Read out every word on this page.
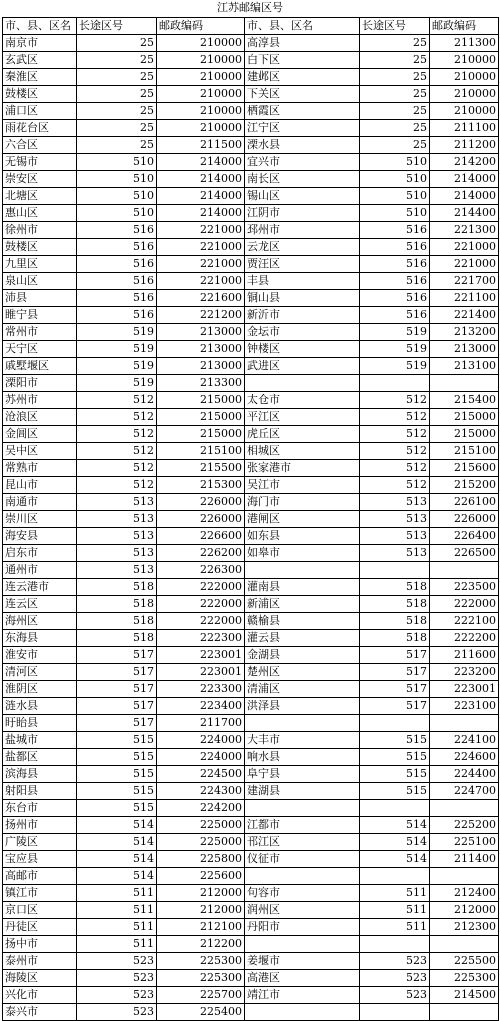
江苏邮编区号
市、县、区名	长途区号	邮政编码	市、县、区名	长途区号	邮政编码
南京市	25	210000	高淳县	25	211300
玄武区	25	210000	白下区	25	210000
秦淮区	25	210000	建邺区	25	210000
鼓楼区	25	210000	下关区	25	210000
浦口区	25	210000	栖霞区	25	210000
雨花台区	25	210000	江宁区	25	211100
六合区	25	211500	溧水县	25	211200
无锡市	510	214000	宜兴市	510	214200
崇安区	510	214000	南长区	510	214000
北塘区	510	214000	锡山区	510	214000
惠山区	510	214000	江阴市	510	214400
徐州市	516	221000	邳州市	516	221300
鼓楼区	516	221000	云龙区	516	221000
九里区	516	221000	贾汪区	516	221000
泉山区	516	221000	丰县	516	221700
沛县	516	221600	铜山县	516	221100
睢宁县	516	221200	新沂市	516	221400
常州市	519	213000	金坛市	519	213200
天宁区	519	213000	钟楼区	519	213000
戚墅堰区	519	213000	武进区	519	213100
溧阳市	519	213300			
苏州市	512	215000	太仓市	512	215400
沧浪区	512	215000	平江区	512	215000
金阊区	512	215000	虎丘区	512	215000
吴中区	512	215100	相城区	512	215100
常熟市	512	215500	张家港市	512	215600
昆山市	512	215300	吴江市	512	215200
南通市	513	226000	海门市	513	226100
崇川区	513	226000	港闸区	513	226000
海安县	513	226600	如东县	513	226400
启东市	513	226200	如皋市	513	226500
通州市	513	226300			
连云港市	518	222000	灌南县	518	223500
连云区	518	222000	新浦区	518	222000
海州区	518	222000	赣榆县	518	222100
东海县	518	222300	灌云县	518	222200
淮安市	517	223001	金湖县	517	211600
清河区	517	223001	楚州区	517	223200
淮阴区	517	223300	清浦区	517	223001
涟水县	517	223400	洪泽县	517	223100
盱眙县	517	211700			
盐城市	515	224000	大丰市	515	224100
盐都区	515	224000	响水县	515	224600
滨海县	515	224500	阜宁县	515	224400
射阳县	515	224300	建湖县	515	224700
东台市	515	224200			
扬州市	514	225000	江都市	514	225200
广陵区	514	225000	邗江区	514	225100
宝应县	514	225800	仪征市	514	211400
高邮市	514	225600			
镇江市	511	212000	句容市	511	212400
京口区	511	212000	润州区	511	212000
丹徒区	511	212100	丹阳市	511	212300
扬中市	511	212200			
泰州市	523	225300	姜堰市	523	225500
海陵区	523	225300	高港区	523	225300
兴化市	523	225700	靖江市	523	214500
泰兴市	523	225400			
